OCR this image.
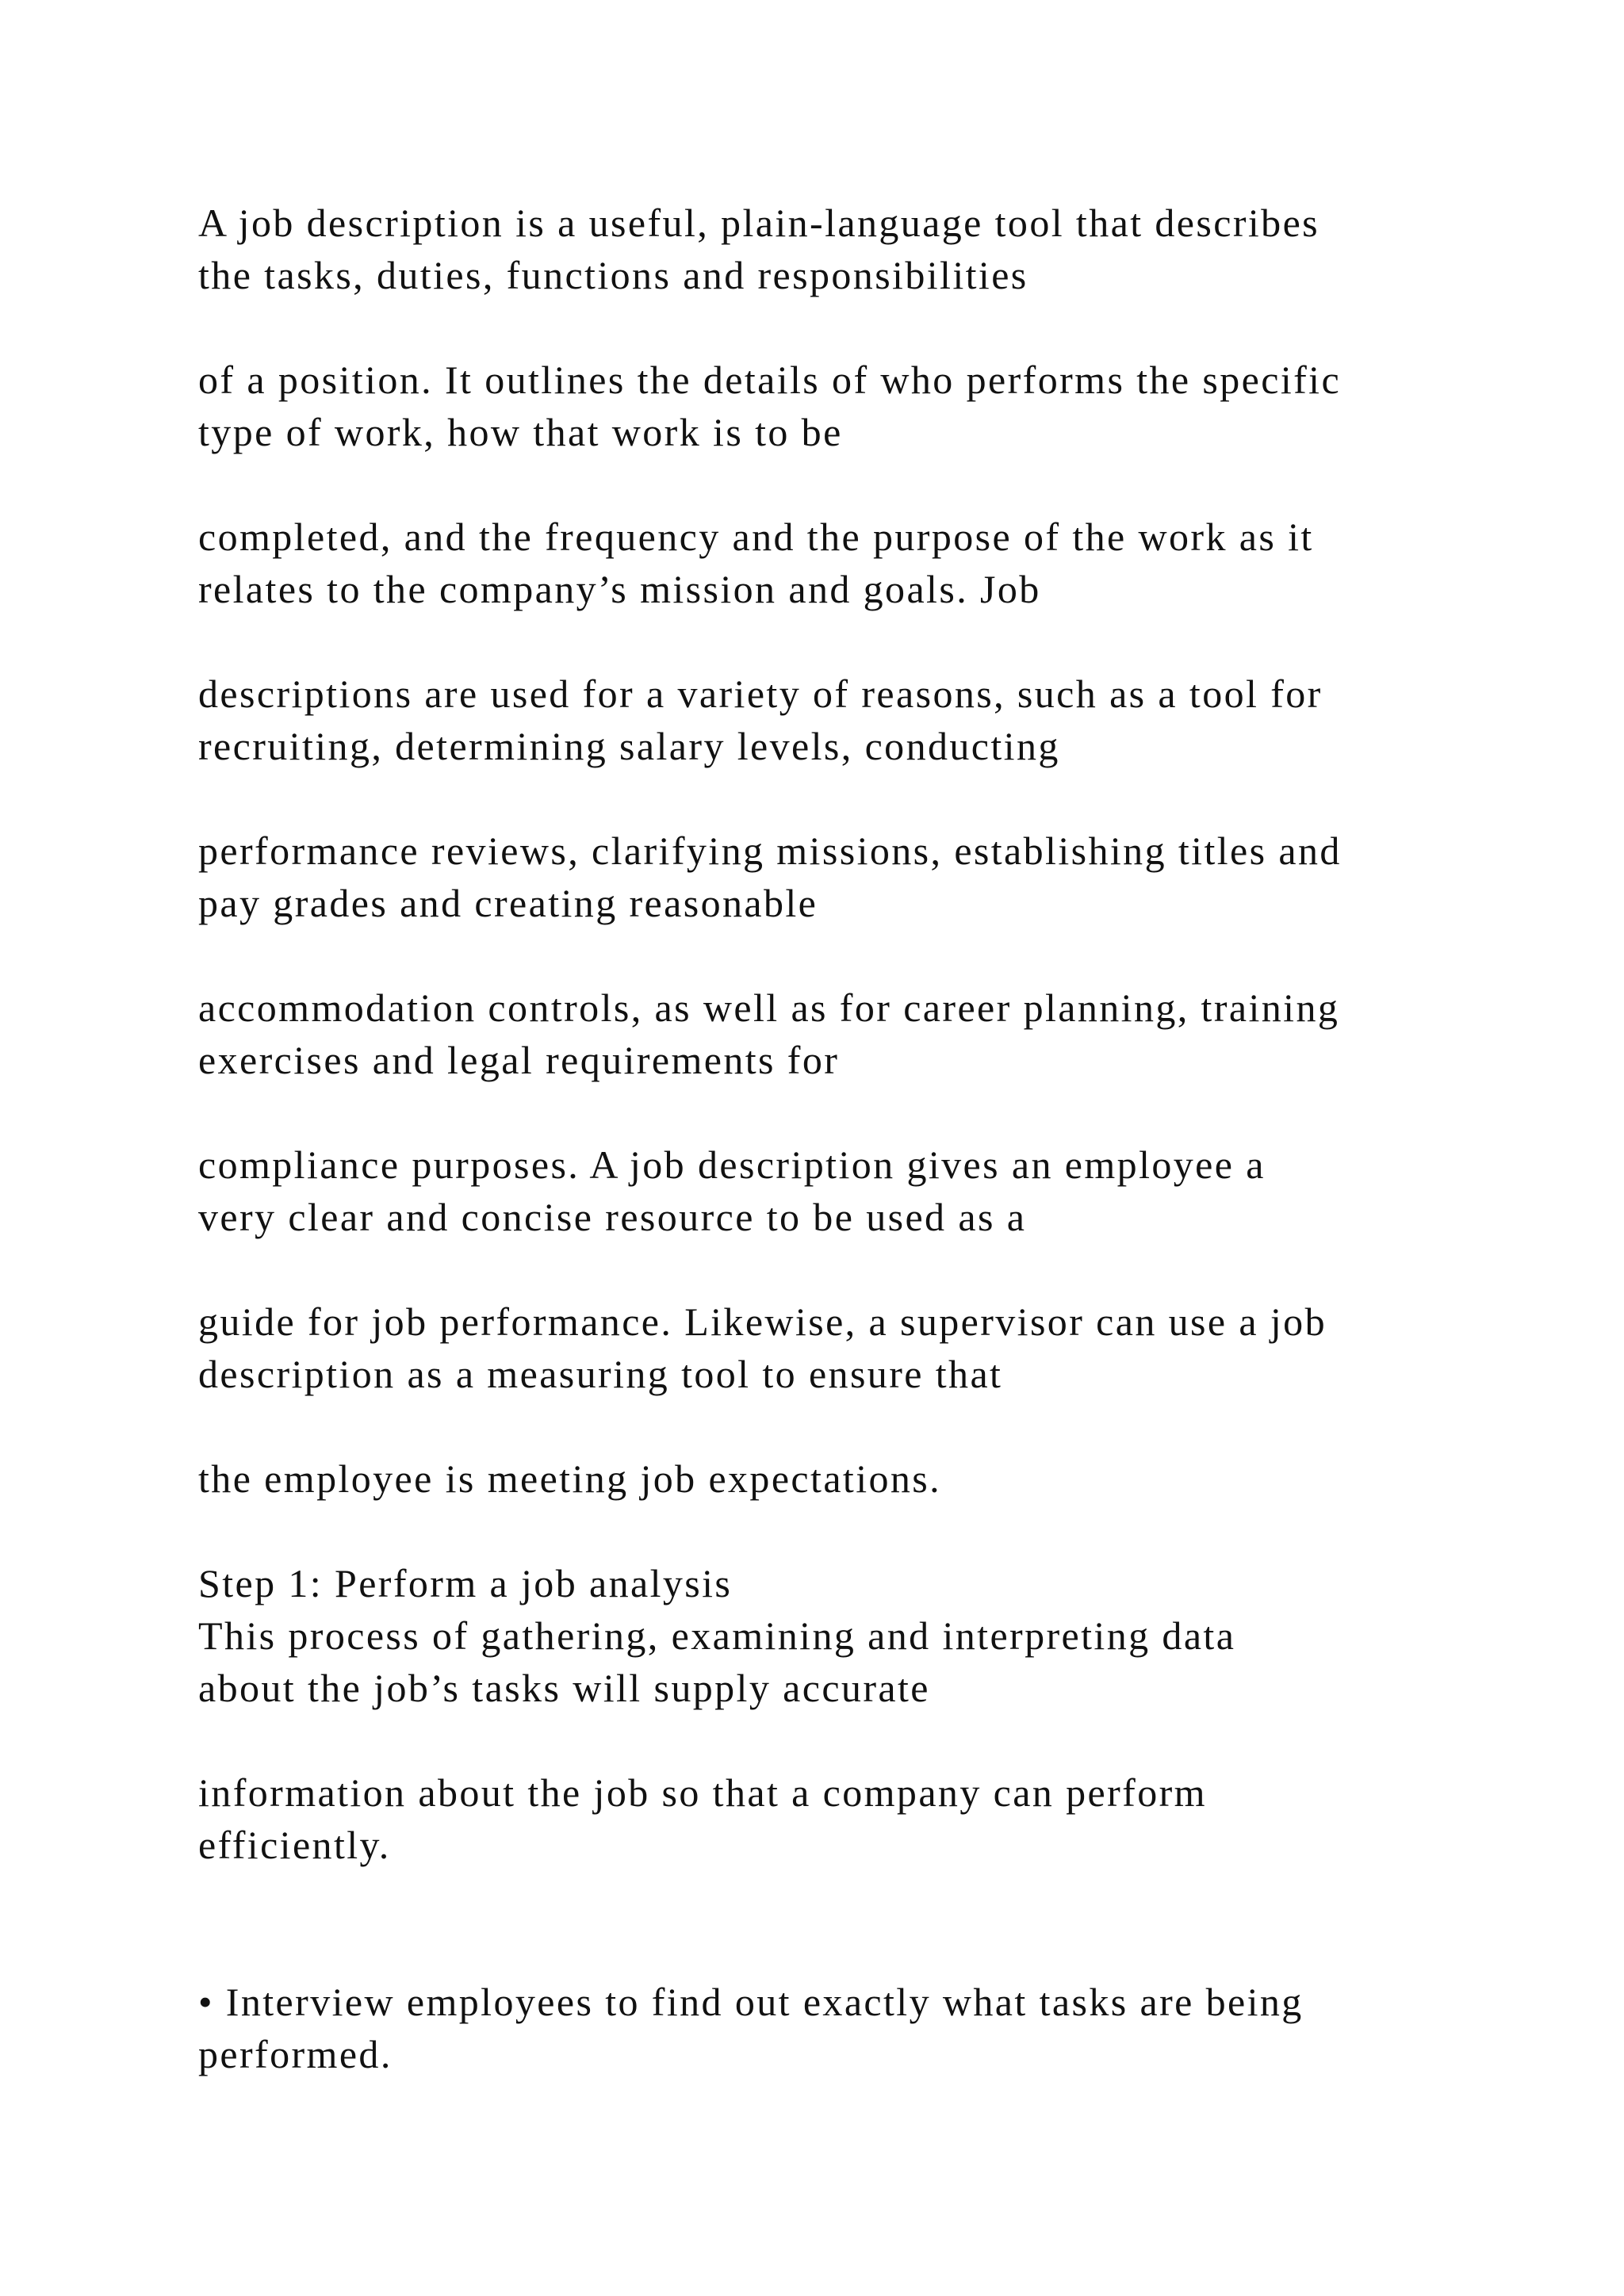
A job description is a useful, plain-language tool that describes
the tasks, duties, functions and responsibilities
of a position. It outlines the details of who performs the specific
type of work, how that work is to be
completed, and the frequency and the purpose of the work as it
relates to the company’s mission and goals. Job
descriptions are used for a variety of reasons, such as a tool for
recruiting, determining salary levels, conducting
performance reviews, clarifying missions, establishing titles and
pay grades and creating reasonable
accommodation controls, as well as for career planning, training
exercises and legal requirements for
compliance purposes. A job description gives an employee a
very clear and concise resource to be used as a
guide for job performance. Likewise, a supervisor can use a job
description as a measuring tool to ensure that
the employee is meeting job expectations.
Step 1: Perform a job analysis
This process of gathering, examining and interpreting data
about the job’s tasks will supply accurate
information about the job so that a company can perform
efficiently.
• Interview employees to find out exactly what tasks are being
performed.
